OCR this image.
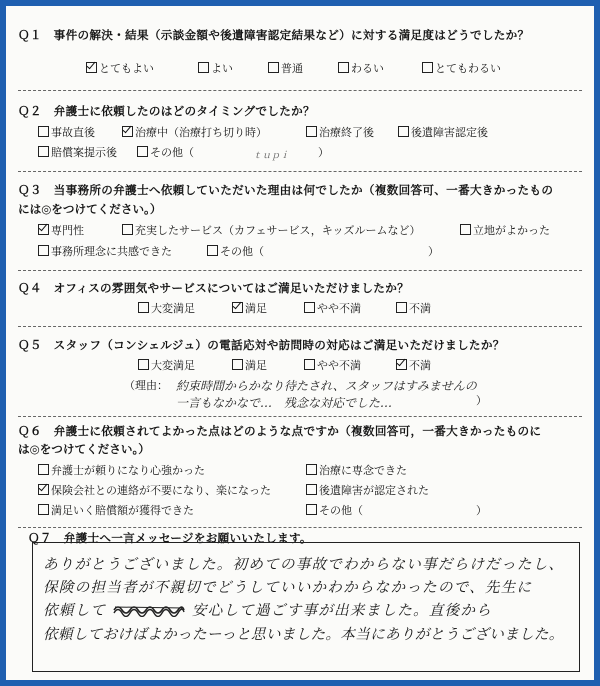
Ｑ１　事件の解決・結果（示談金額や後遺障害認定結果など）に対する満足度はどうでしたか？
とてもよい	よい	普通	わるい	とてもわるい
Ｑ２　弁護士に依頼したのはどのタイミングでしたか？
事故直後	治療中（治療打ち切り時）	治療終了後	後遺障害認定後
賠償案提示後	その他（	ｔｕｐｉ	）
Ｑ３　当事務所の弁護士へ依頼していただいた理由は何でしたか（複数回答可、一番大きかったもの
には◎をつけてください。）
専門性	充実したサービス（カフェサービス，キッズルームなど）	立地がよかった
事務所理念に共感できた	その他（	）
Ｑ４　オフィスの雰囲気やサービスについてはご満足いただけましたか？
大変満足	満足	やや不満	不満
Ｑ５　スタッフ（コンシェルジュ）の電話応対や訪問時の対応はご満足いただけましたか？
大変満足	満足	やや不満	不満
（理由： 約束時間からかなり待たされ、スタッフはすみませんの
一言もなかなで…　残念な対応でした…	）
Ｑ６　弁護士に依頼されてよかった点はどのような点ですか（複数回答可，一番大きかったものに
は◎をつけてください。）
弁護士が頼りになり心強かった	治療に専念できた
保険会社との連絡が不要になり、楽になった	後遺障害が認定された
満足いく賠償額が獲得できた	その他（	）
Ｑ７　弁護士へ一言メッセージをお願いいたします。
ありがとうございました。初めての事故でわからない事だらけだったし、
保険の担当者が不親切でどうしていいかわからなかったので、先生に
依頼して	安心して過ごす事が出来ました。直後から
依頼しておけばよかったーっと思いました。本当にありがとうございました。
